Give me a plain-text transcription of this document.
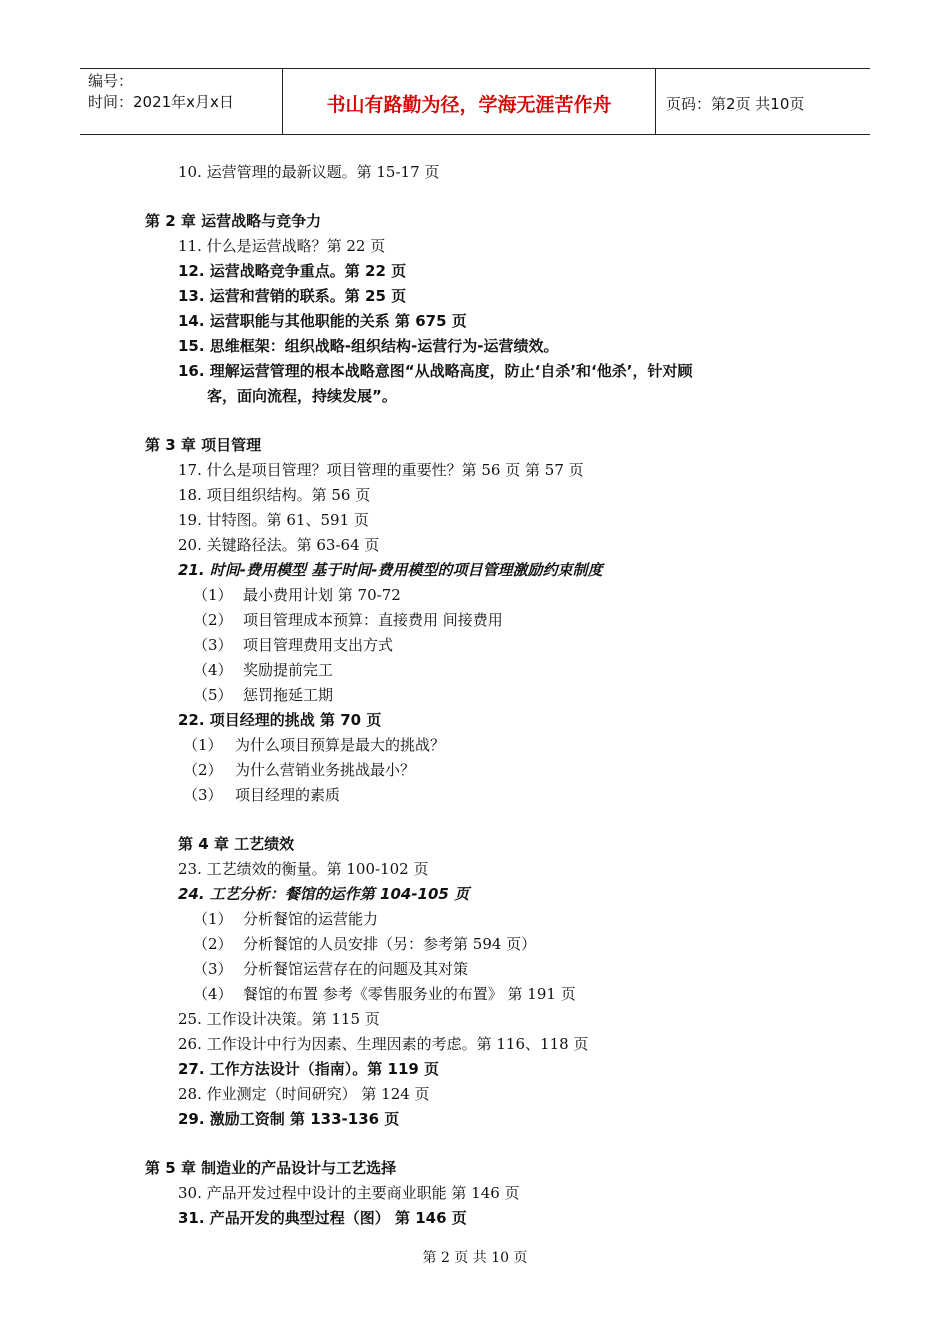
编号：
时间：2021年x月x日	书山有路勤为径，学海无涯苦作舟	页码：第2页 共10页
10. 运营管理的最新议题。第 15-17 页
第 2 章 运营战略与竞争力
11. 什么是运营战略？第 22 页
12. 运营战略竞争重点。第 22 页
13. 运营和营销的联系。第 25 页
14. 运营职能与其他职能的关系 第 675 页
15. 思维框架：组织战略-组织结构-运营行为-运营绩效。
16. 理解运营管理的根本战略意图“从战略高度，防止‘自杀’和‘他杀’，针对顾
客，面向流程，持续发展”。
第 3 章 项目管理
17. 什么是项目管理？项目管理的重要性？第 56 页 第 57 页
18. 项目组织结构。第 56 页
19. 甘特图。第 61、591 页
20. 关键路径法。第 63-64 页
21. 时间-费用模型 基于时间-费用模型的项目管理激励约束制度
（1） 最小费用计划 第 70-72
（2） 项目管理成本预算：直接费用 间接费用
（3） 项目管理费用支出方式
（4） 奖励提前完工
（5） 惩罚拖延工期
22. 项目经理的挑战 第 70 页
（1） 为什么项目预算是最大的挑战？
（2） 为什么营销业务挑战最小？
（3） 项目经理的素质
第 4 章 工艺绩效
23. 工艺绩效的衡量。第 100-102 页
24. 工艺分析：餐馆的运作第 104-105 页
（1） 分析餐馆的运营能力
（2） 分析餐馆的人员安排（另：参考第 594 页）
（3） 分析餐馆运营存在的问题及其对策
（4） 餐馆的布置 参考《零售服务业的布置》 第 191 页
25. 工作设计决策。第 115 页
26. 工作设计中行为因素、生理因素的考虑。第 116、118 页
27. 工作方法设计（指南）。第 119 页
28. 作业测定（时间研究） 第 124 页
29. 激励工资制 第 133-136 页
第 5 章 制造业的产品设计与工艺选择
30. 产品开发过程中设计的主要商业职能 第 146 页
31. 产品开发的典型过程（图） 第 146 页
第 2 页 共 10 页
